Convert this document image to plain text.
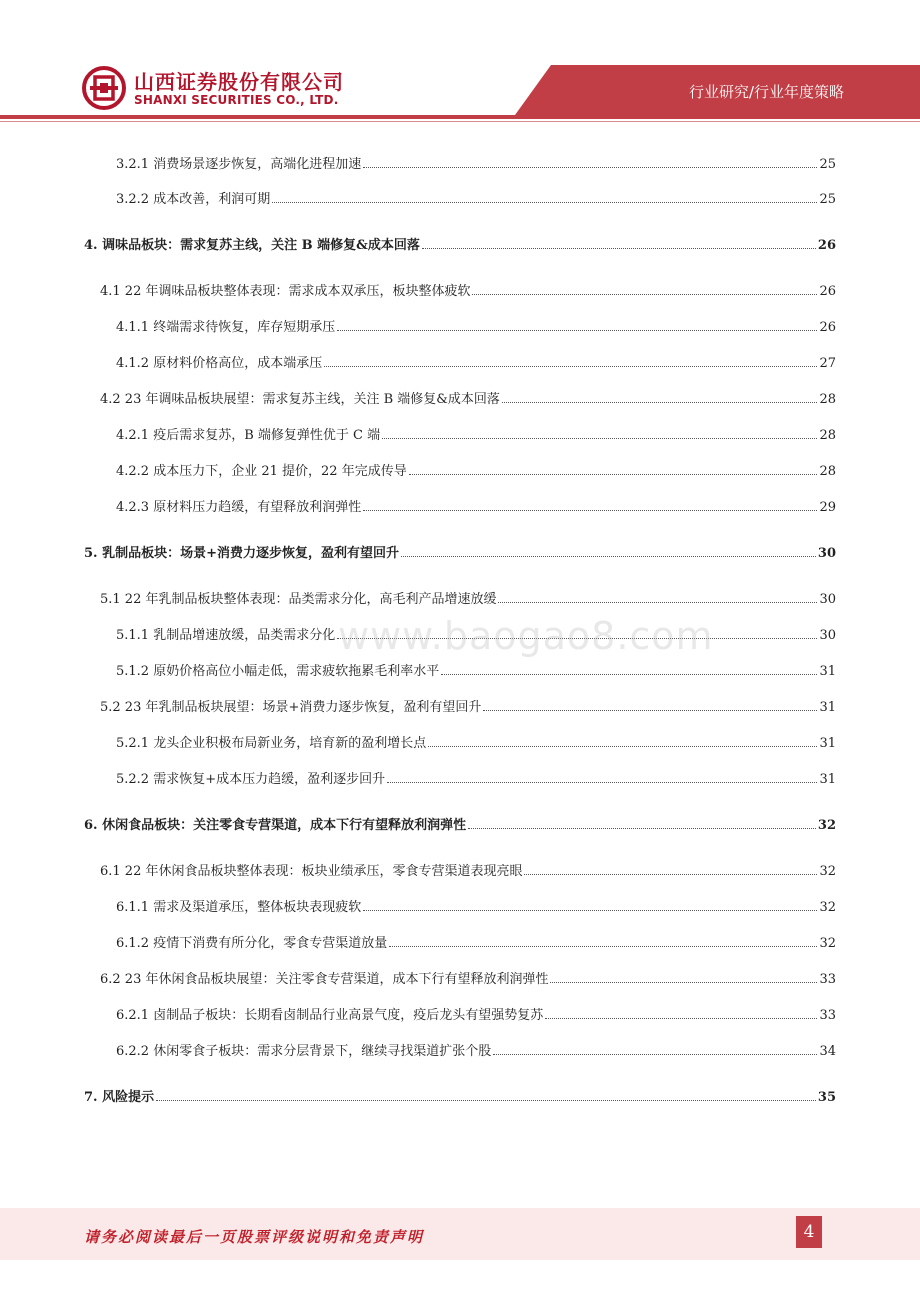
山西证券股份有限公司
SHANXI SECURITIES CO., LTD.	行业研究/行业年度策略
3.2.1 消费场景逐步恢复，高端化进程加速	25
3.2.2 成本改善，利润可期	25
4. 调味品板块：需求复苏主线，关注 B 端修复&成本回落	26
4.1 22 年调味品板块整体表现：需求成本双承压，板块整体疲软	26
4.1.1 终端需求待恢复，库存短期承压	26
4.1.2 原材料价格高位，成本端承压	27
4.2 23 年调味品板块展望：需求复苏主线，关注 B 端修复&成本回落	28
4.2.1 疫后需求复苏，B 端修复弹性优于 C 端	28
4.2.2 成本压力下，企业 21 提价，22 年完成传导	28
4.2.3 原材料压力趋缓，有望释放利润弹性	29
5. 乳制品板块：场景+消费力逐步恢复，盈利有望回升	30
5.1 22 年乳制品板块整体表现：品类需求分化，高毛利产品增速放缓	30
5.1.1 乳制品增速放缓，品类需求分化	30
5.1.2 原奶价格高位小幅走低，需求疲软拖累毛利率水平	31
5.2 23 年乳制品板块展望：场景+消费力逐步恢复，盈利有望回升	31
5.2.1 龙头企业积极布局新业务，培育新的盈利增长点	31
5.2.2 需求恢复+成本压力趋缓，盈利逐步回升	31
6. 休闲食品板块：关注零食专营渠道，成本下行有望释放利润弹性	32
6.1 22 年休闲食品板块整体表现：板块业绩承压，零食专营渠道表现亮眼	32
6.1.1 需求及渠道承压，整体板块表现疲软	32
6.1.2 疫情下消费有所分化，零食专营渠道放量	32
6.2 23 年休闲食品板块展望：关注零食专营渠道，成本下行有望释放利润弹性	33
6.2.1 卤制品子板块：长期看卤制品行业高景气度，疫后龙头有望强势复苏	33
6.2.2 休闲零食子板块：需求分层背景下，继续寻找渠道扩张个股	34
7. 风险提示	35
www.baogao8.com
请务必阅读最后一页股票评级说明和免责声明	4
